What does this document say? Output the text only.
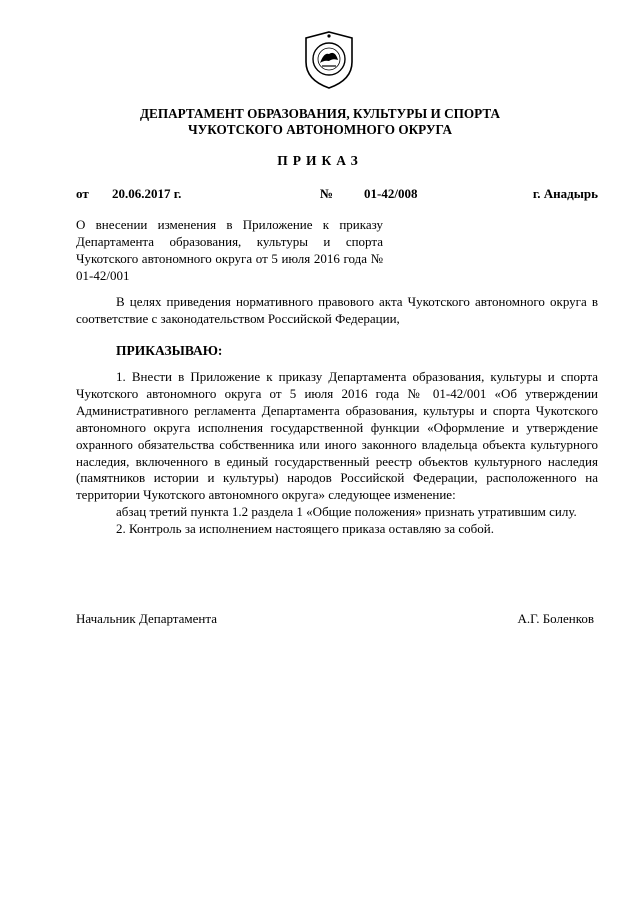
ДЕПАРТАМЕНТ ОБРАЗОВАНИЯ, КУЛЬТУРЫ И СПОРТА
ЧУКОТСКОГО АВТОНОМНОГО ОКРУГА
ПРИКАЗ
от 20.06.2017 г.	№ 01-42/008	г. Анадырь
О внесении изменения в Приложение к приказу Департамента образования, культуры и спорта Чукотского автономного округа от 5 июля 2016 года № 01-42/001
В целях приведения нормативного правового акта Чукотского автономного округа в соответствие с законодательством Российской Федерации,
ПРИКАЗЫВАЮ:

1. Внести в Приложение к приказу Департамента образования, культуры и спорта Чукотского автономного округа от 5 июля 2016 года № 01-42/001 «Об утверждении Административного регламента Департамента образования, культуры и спорта Чукотского автономного округа исполнения государственной функции «Оформление и утверждение охранного обязательства собственника или иного законного владельца объекта культурного наследия, включенного в единый государственный реестр объектов культурного наследия (памятников истории и культуры) народов Российской Федерации, расположенного на территории Чукотского автономного округа» следующее изменение:

абзац третий пункта 1.2 раздела 1 «Общие положения» признать утратившим силу.

2. Контроль за исполнением настоящего приказа оставляю за собой.

Начальник Департамента	А.Г. Боленков
